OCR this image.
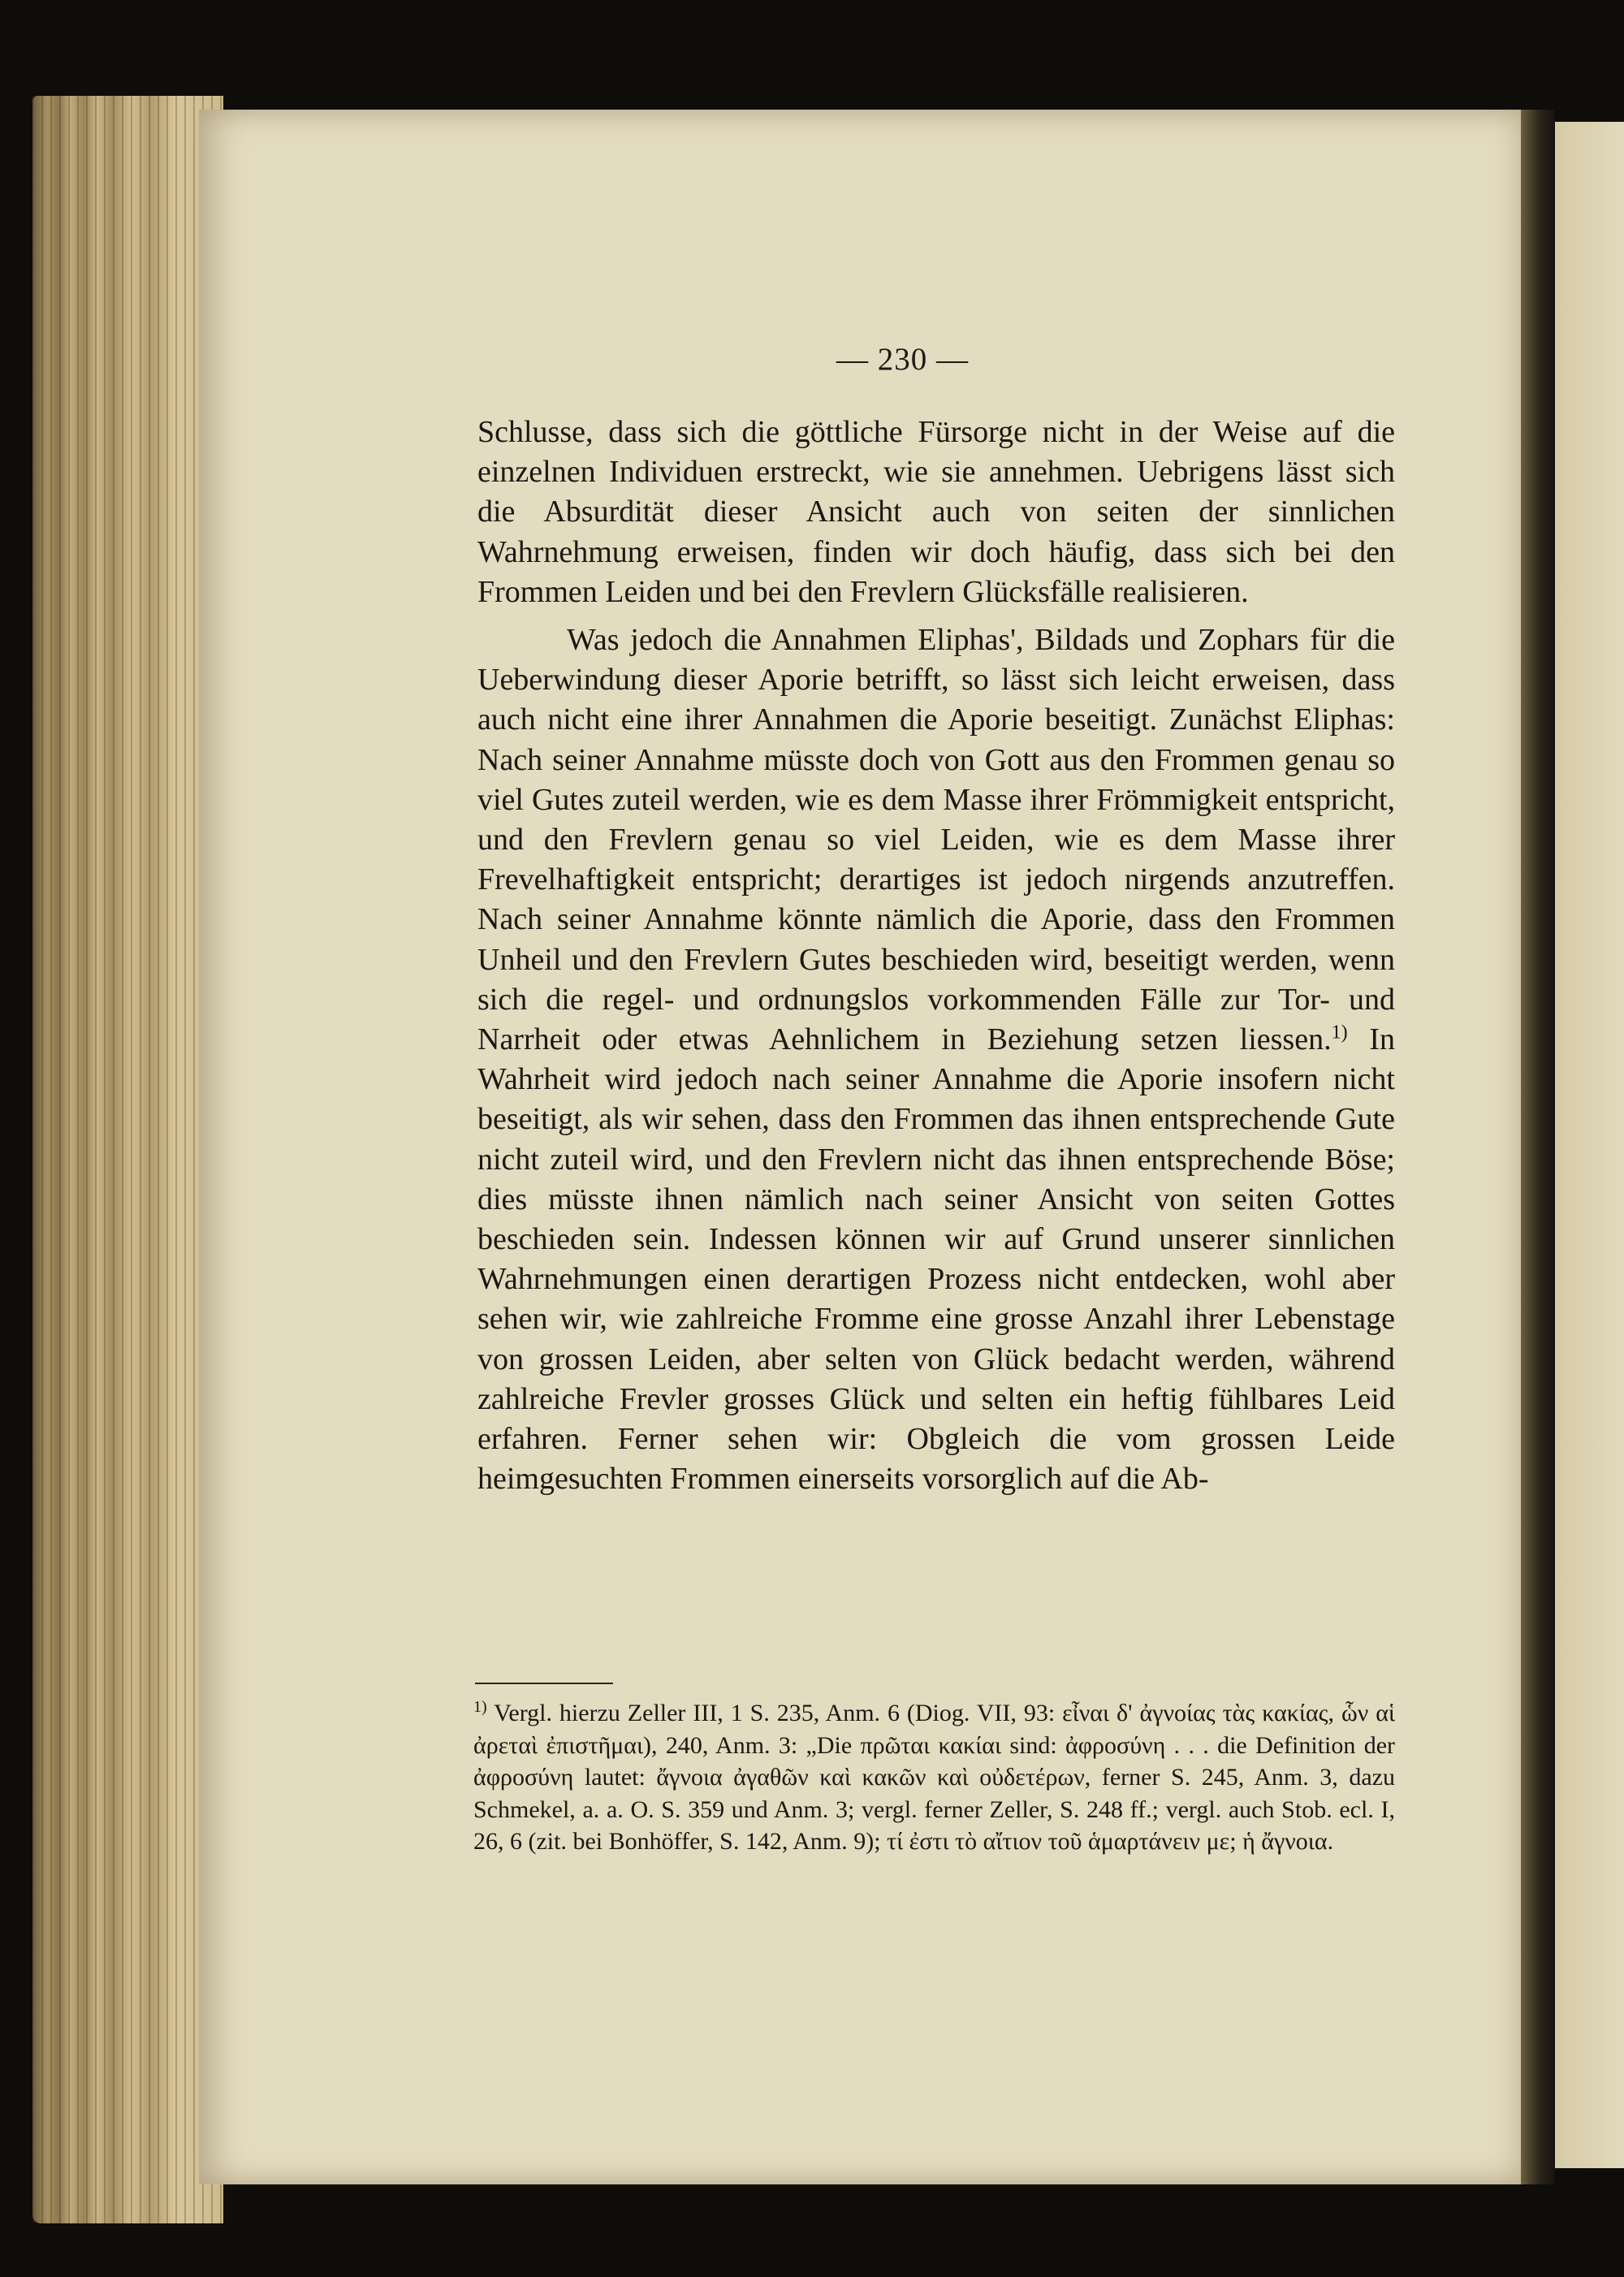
— 230 —

Schlusse, dass sich die göttliche Fürsorge nicht in der Weise auf die einzelnen Individuen erstreckt, wie sie annehmen. Uebrigens lässt sich die Absurdität dieser Ansicht auch von seiten der sinnlichen Wahrnehmung erweisen, finden wir doch häufig, dass sich bei den Frommen Leiden und bei den Frevlern Glücksfälle realisieren.

Was jedoch die Annahmen Eliphas', Bildads und Zophars für die Ueberwindung dieser Aporie betrifft, so lässt sich leicht erweisen, dass auch nicht eine ihrer Annahmen die Aporie beseitigt. Zunächst Eliphas: Nach seiner Annahme müsste doch von Gott aus den Frommen genau so viel Gutes zuteil werden, wie es dem Masse ihrer Frömmigkeit entspricht, und den Frevlern genau so viel Leiden, wie es dem Masse ihrer Frevelhaftigkeit entspricht; derartiges ist jedoch nirgends anzutreffen. Nach seiner Annahme könnte nämlich die Aporie, dass den Frommen Unheil und den Frevlern Gutes beschieden wird, beseitigt werden, wenn sich die regel- und ordnungslos vorkommenden Fälle zur Tor- und Narrheit oder etwas Aehnlichem in Beziehung setzen liessen.$^{1)}$ In Wahrheit wird jedoch nach seiner Annahme die Aporie insofern nicht beseitigt, als wir sehen, dass den Frommen das ihnen entsprechende Gute nicht zuteil wird, und den Frevlern nicht das ihnen entsprechende Böse; dies müsste ihnen nämlich nach seiner Ansicht von seiten Gottes beschieden sein. Indessen können wir auf Grund unserer sinnlichen Wahrnehmungen einen derartigen Prozess nicht entdecken, wohl aber sehen wir, wie zahlreiche Fromme eine grosse Anzahl ihrer Lebenstage von grossen Leiden, aber selten von Glück bedacht werden, während zahlreiche Frevler grosses Glück und selten ein heftig fühlbares Leid erfahren. Ferner sehen wir: Obgleich die vom grossen Leide heimgesuchten Frommen einerseits vorsorglich auf die Ab-

$^{1)}$ Vergl. hierzu Zeller III, 1 S. 235, Anm. 6 (Diog. VII, 93: εἶναι δ' ἀγνοίας τὰς κακίας, ὧν αἱ ἀρεταὶ ἐπιστῆμαι), 240, Anm. 3: „Die πρῶται κακίαι sind: ἀφροσύνη . . . die Definition der ἀφροσύνη lautet: ἄγνοια ἀγαθῶν καὶ κακῶν καὶ οὐδετέρων, ferner S. 245, Anm. 3, dazu Schmekel, a. a. O. S. 359 und Anm. 3; vergl. ferner Zeller, S. 248 ff.; vergl. auch Stob. ecl. I, 26, 6 (zit. bei Bonhöffer, S. 142, Anm. 9); τί ἐστι τὸ αἴτιον τοῦ ἁμαρτάνειν με; ἡ ἄγνοια.
